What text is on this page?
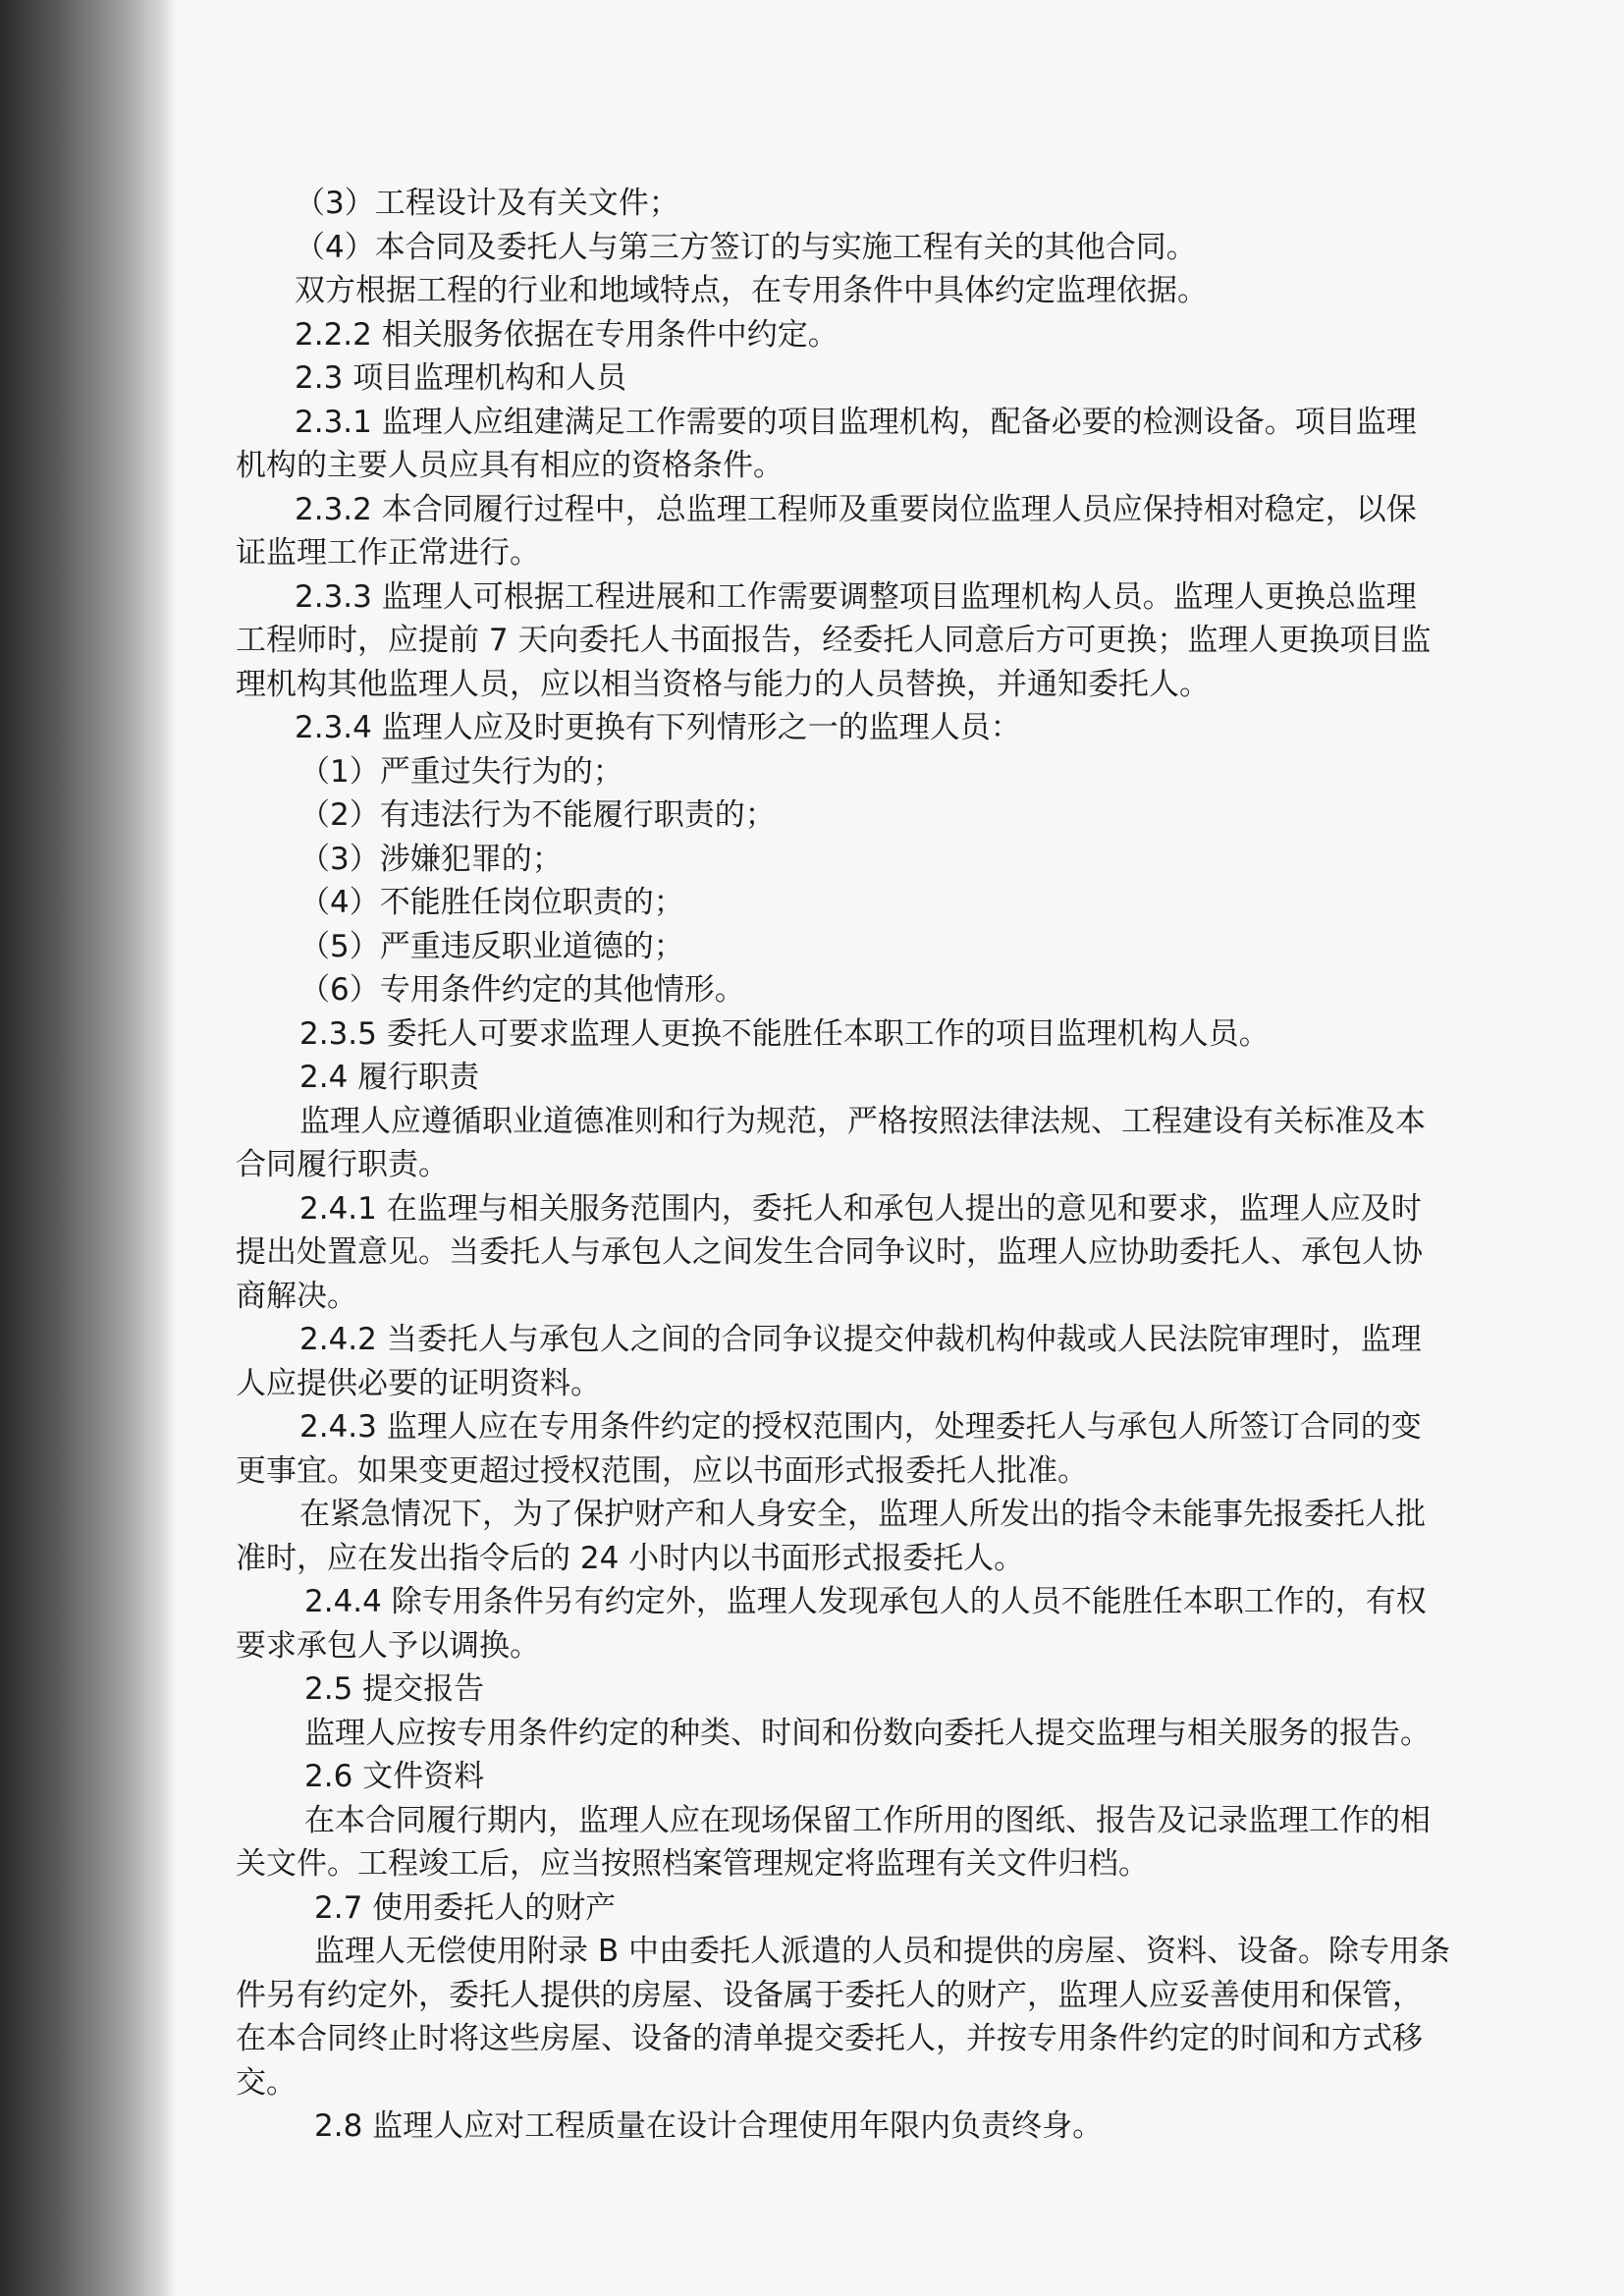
（3）工程设计及有关文件；

（4）本合同及委托人与第三方签订的与实施工程有关的其他合同。

双方根据工程的行业和地域特点，在专用条件中具体约定监理依据。

2.2.2 相关服务依据在专用条件中约定。

2.3 项目监理机构和人员

2.3.1 监理人应组建满足工作需要的项目监理机构，配备必要的检测设备。项目监理

机构的主要人员应具有相应的资格条件。

2.3.2 本合同履行过程中，总监理工程师及重要岗位监理人员应保持相对稳定，以保

证监理工作正常进行。

2.3.3 监理人可根据工程进展和工作需要调整项目监理机构人员。监理人更换总监理

工程师时，应提前 7 天向委托人书面报告，经委托人同意后方可更换；监理人更换项目监

理机构其他监理人员，应以相当资格与能力的人员替换，并通知委托人。

2.3.4 监理人应及时更换有下列情形之一的监理人员：

（1）严重过失行为的；

（2）有违法行为不能履行职责的；

（3）涉嫌犯罪的；

（4）不能胜任岗位职责的；

（5）严重违反职业道德的；

（6）专用条件约定的其他情形。

2.3.5 委托人可要求监理人更换不能胜任本职工作的项目监理机构人员。

2.4 履行职责

监理人应遵循职业道德准则和行为规范，严格按照法律法规、工程建设有关标准及本

合同履行职责。

2.4.1 在监理与相关服务范围内，委托人和承包人提出的意见和要求，监理人应及时

提出处置意见。当委托人与承包人之间发生合同争议时，监理人应协助委托人、承包人协

商解决。

2.4.2 当委托人与承包人之间的合同争议提交仲裁机构仲裁或人民法院审理时，监理

人应提供必要的证明资料。

2.4.3 监理人应在专用条件约定的授权范围内，处理委托人与承包人所签订合同的变

更事宜。如果变更超过授权范围，应以书面形式报委托人批准。

在紧急情况下，为了保护财产和人身安全，监理人所发出的指令未能事先报委托人批

准时，应在发出指令后的 24 小时内以书面形式报委托人。

2.4.4 除专用条件另有约定外，监理人发现承包人的人员不能胜任本职工作的，有权

要求承包人予以调换。

2.5 提交报告

监理人应按专用条件约定的种类、时间和份数向委托人提交监理与相关服务的报告。

2.6 文件资料

在本合同履行期内，监理人应在现场保留工作所用的图纸、报告及记录监理工作的相

关文件。工程竣工后，应当按照档案管理规定将监理有关文件归档。

2.7 使用委托人的财产

监理人无偿使用附录 B 中由委托人派遣的人员和提供的房屋、资料、设备。除专用条

件另有约定外，委托人提供的房屋、设备属于委托人的财产，监理人应妥善使用和保管，

在本合同终止时将这些房屋、设备的清单提交委托人，并按专用条件约定的时间和方式移

交。

2.8 监理人应对工程质量在设计合理使用年限内负责终身。
